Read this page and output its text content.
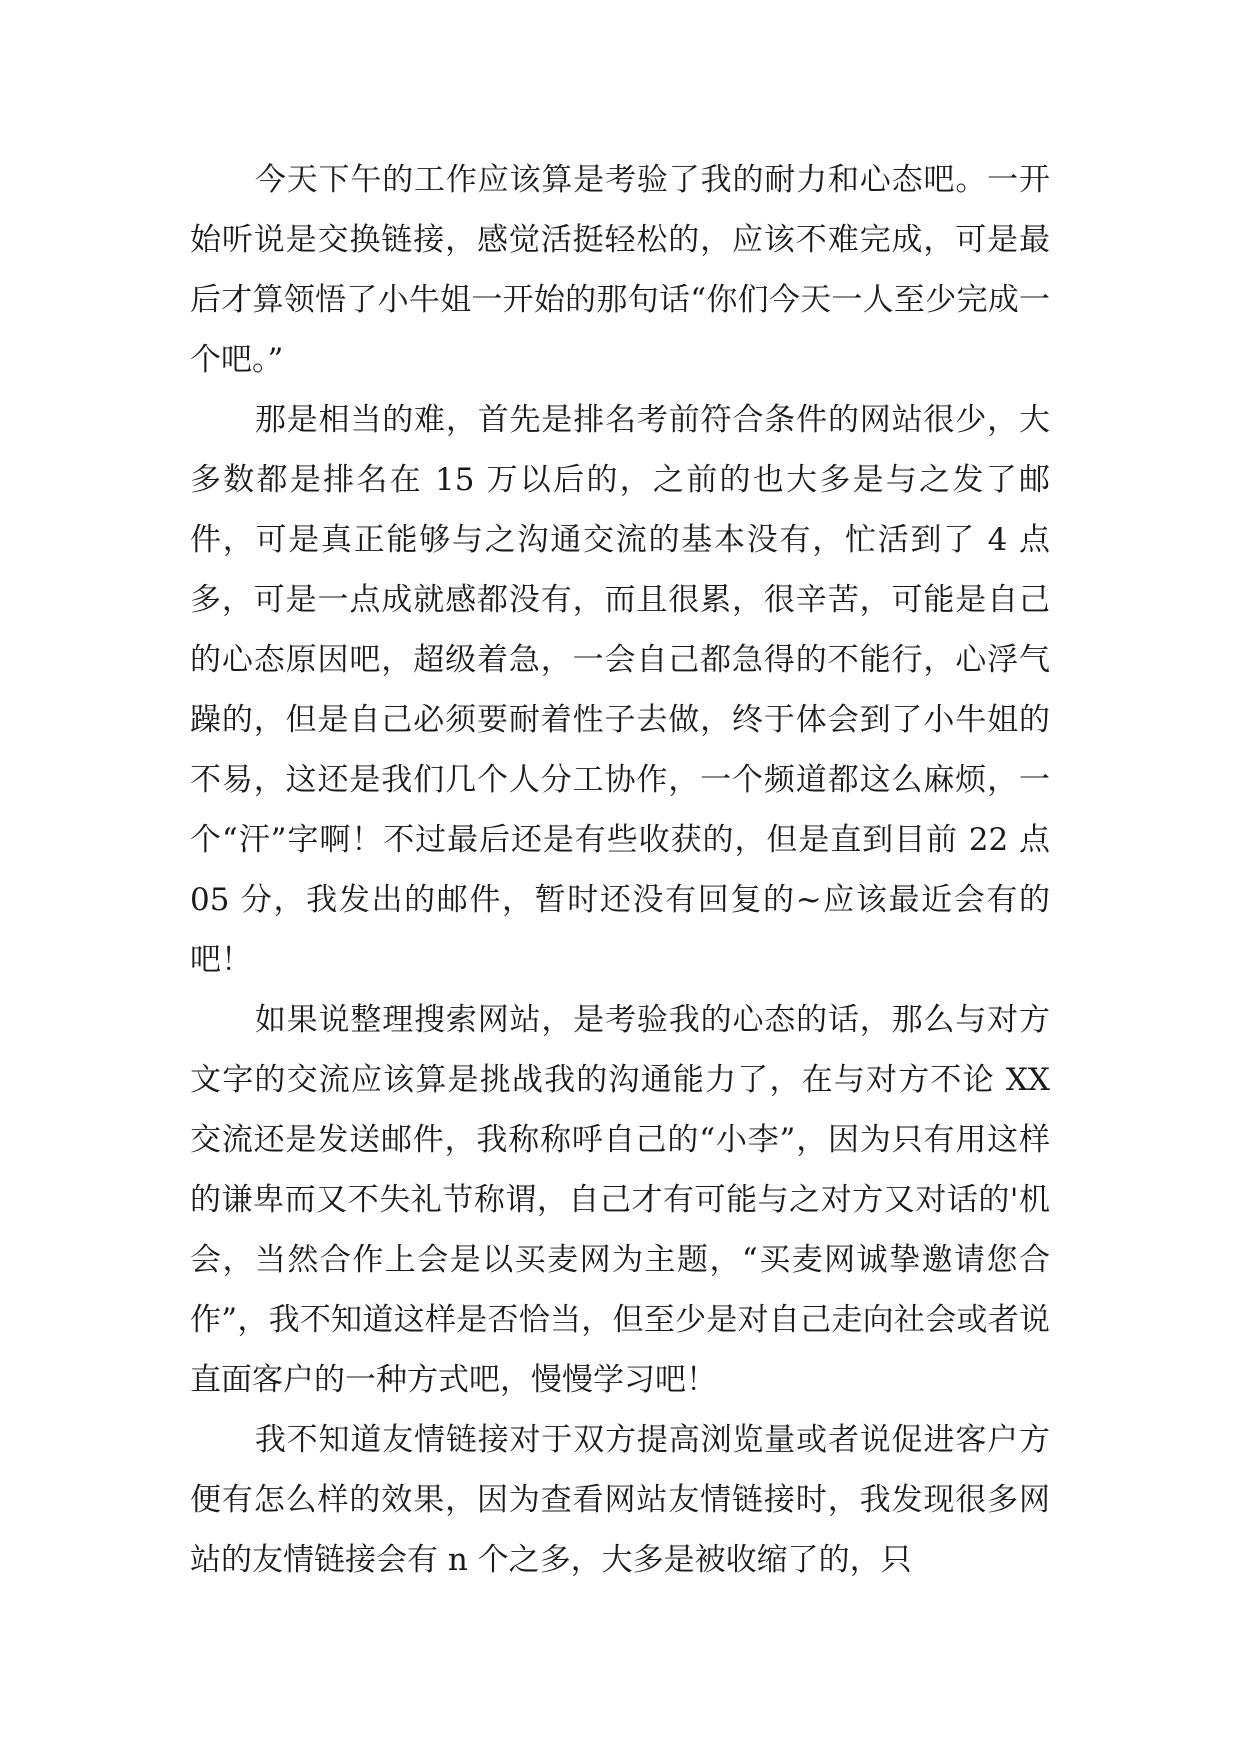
今天下午的工作应该算是考验了我的耐力和心态吧。一开始听说是交换链接，感觉活挺轻松的，应该不难完成，可是最后才算领悟了小牛姐一开始的那句话“你们今天一人至少完成一个吧。”

那是相当的难，首先是排名考前符合条件的网站很少，大多数都是排名在 15 万以后的，之前的也大多是与之发了邮件，可是真正能够与之沟通交流的基本没有，忙活到了 4 点多，可是一点成就感都没有，而且很累，很辛苦，可能是自己的心态原因吧，超级着急，一会自己都急得的不能行，心浮气躁的，但是自己必须要耐着性子去做，终于体会到了小牛姐的不易，这还是我们几个人分工协作，一个频道都这么麻烦，一个“汗”字啊！不过最后还是有些收获的，但是直到目前 22 点 05 分，我发出的邮件，暂时还没有回复的~应该最近会有的吧！

如果说整理搜索网站，是考验我的心态的话，那么与对方文字的交流应该算是挑战我的沟通能力了，在与对方不论 XX 交流还是发送邮件，我称称呼自己的“小李”，因为只有用这样的谦卑而又不失礼节称谓，自己才有可能与之对方又对话的'机会，当然合作上会是以买麦网为主题，“买麦网诚挚邀请您合作”，我不知道这样是否恰当，但至少是对自己走向社会或者说直面客户的一种方式吧，慢慢学习吧！

我不知道友情链接对于双方提高浏览量或者说促进客户方便有怎么样的效果，因为查看网站友情链接时，我发现很多网站的友情链接会有 n 个之多，大多是被收缩了的，只
